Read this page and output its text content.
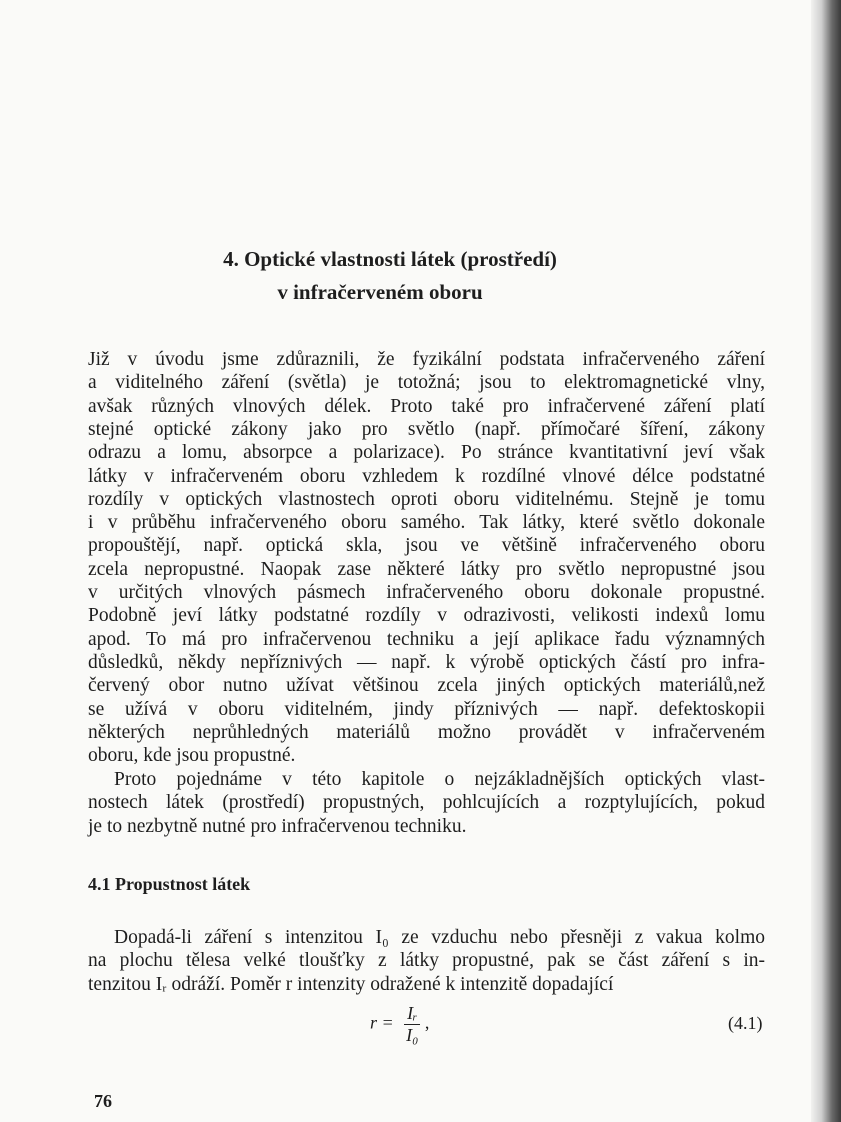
4. Optické vlastnosti látek (prostředí)
v infračerveném oboru
Již v úvodu jsme zdůraznili, že fyzikální podstata infračerveného záření
a viditelného záření (světla) je totožná; jsou to elektromagnetické vlny,
avšak různých vlnových délek. Proto také pro infračervené záření platí
stejné optické zákony jako pro světlo (např. přímočaré šíření, zákony
odrazu a lomu, absorpce a polarizace). Po stránce kvantitativní jeví však
látky v infračerveném oboru vzhledem k rozdílné vlnové délce podstatné
rozdíly v optických vlastnostech oproti oboru viditelnému. Stejně je tomu
i v průběhu infračerveného oboru samého. Tak látky, které světlo dokonale
propouštějí, např. optická skla, jsou ve většině infračerveného oboru
zcela nepropustné. Naopak zase některé látky pro světlo nepropustné jsou
v určitých vlnových pásmech infračerveného oboru dokonale propustné.
Podobně jeví látky podstatné rozdíly v odrazivosti, velikosti indexů lomu
apod. To má pro infračervenou techniku a její aplikace řadu významných
důsledků, někdy nepříznivých — např. k výrobě optických částí pro infra-
červený obor nutno užívat většinou zcela jiných optických materiálů,než
se užívá v oboru viditelném, jindy příznivých — např. defektoskopii
některých neprůhledných materiálů možno provádět v infračerveném
oboru, kde jsou propustné.
Proto pojednáme v této kapitole o nejzákladnějších optických vlast-
nostech látek (prostředí) propustných, pohlcujících a rozptylujících, pokud
je to nezbytně nutné pro infračervenou techniku.
4.1 Propustnost látek
Dopadá-li záření s intenzitou I₀ ze vzduchu nebo přesněji z vakua kolmo
na plochu tělesa velké tloušťky z látky propustné, pak se část záření s in-
tenzitou Iᵣ odráží. Poměr r intenzity odražené k intenzitě dopadající
$r = \frac{\text{Iᵣ}}{\text{I₀}}$ ,	(4.1)
76
